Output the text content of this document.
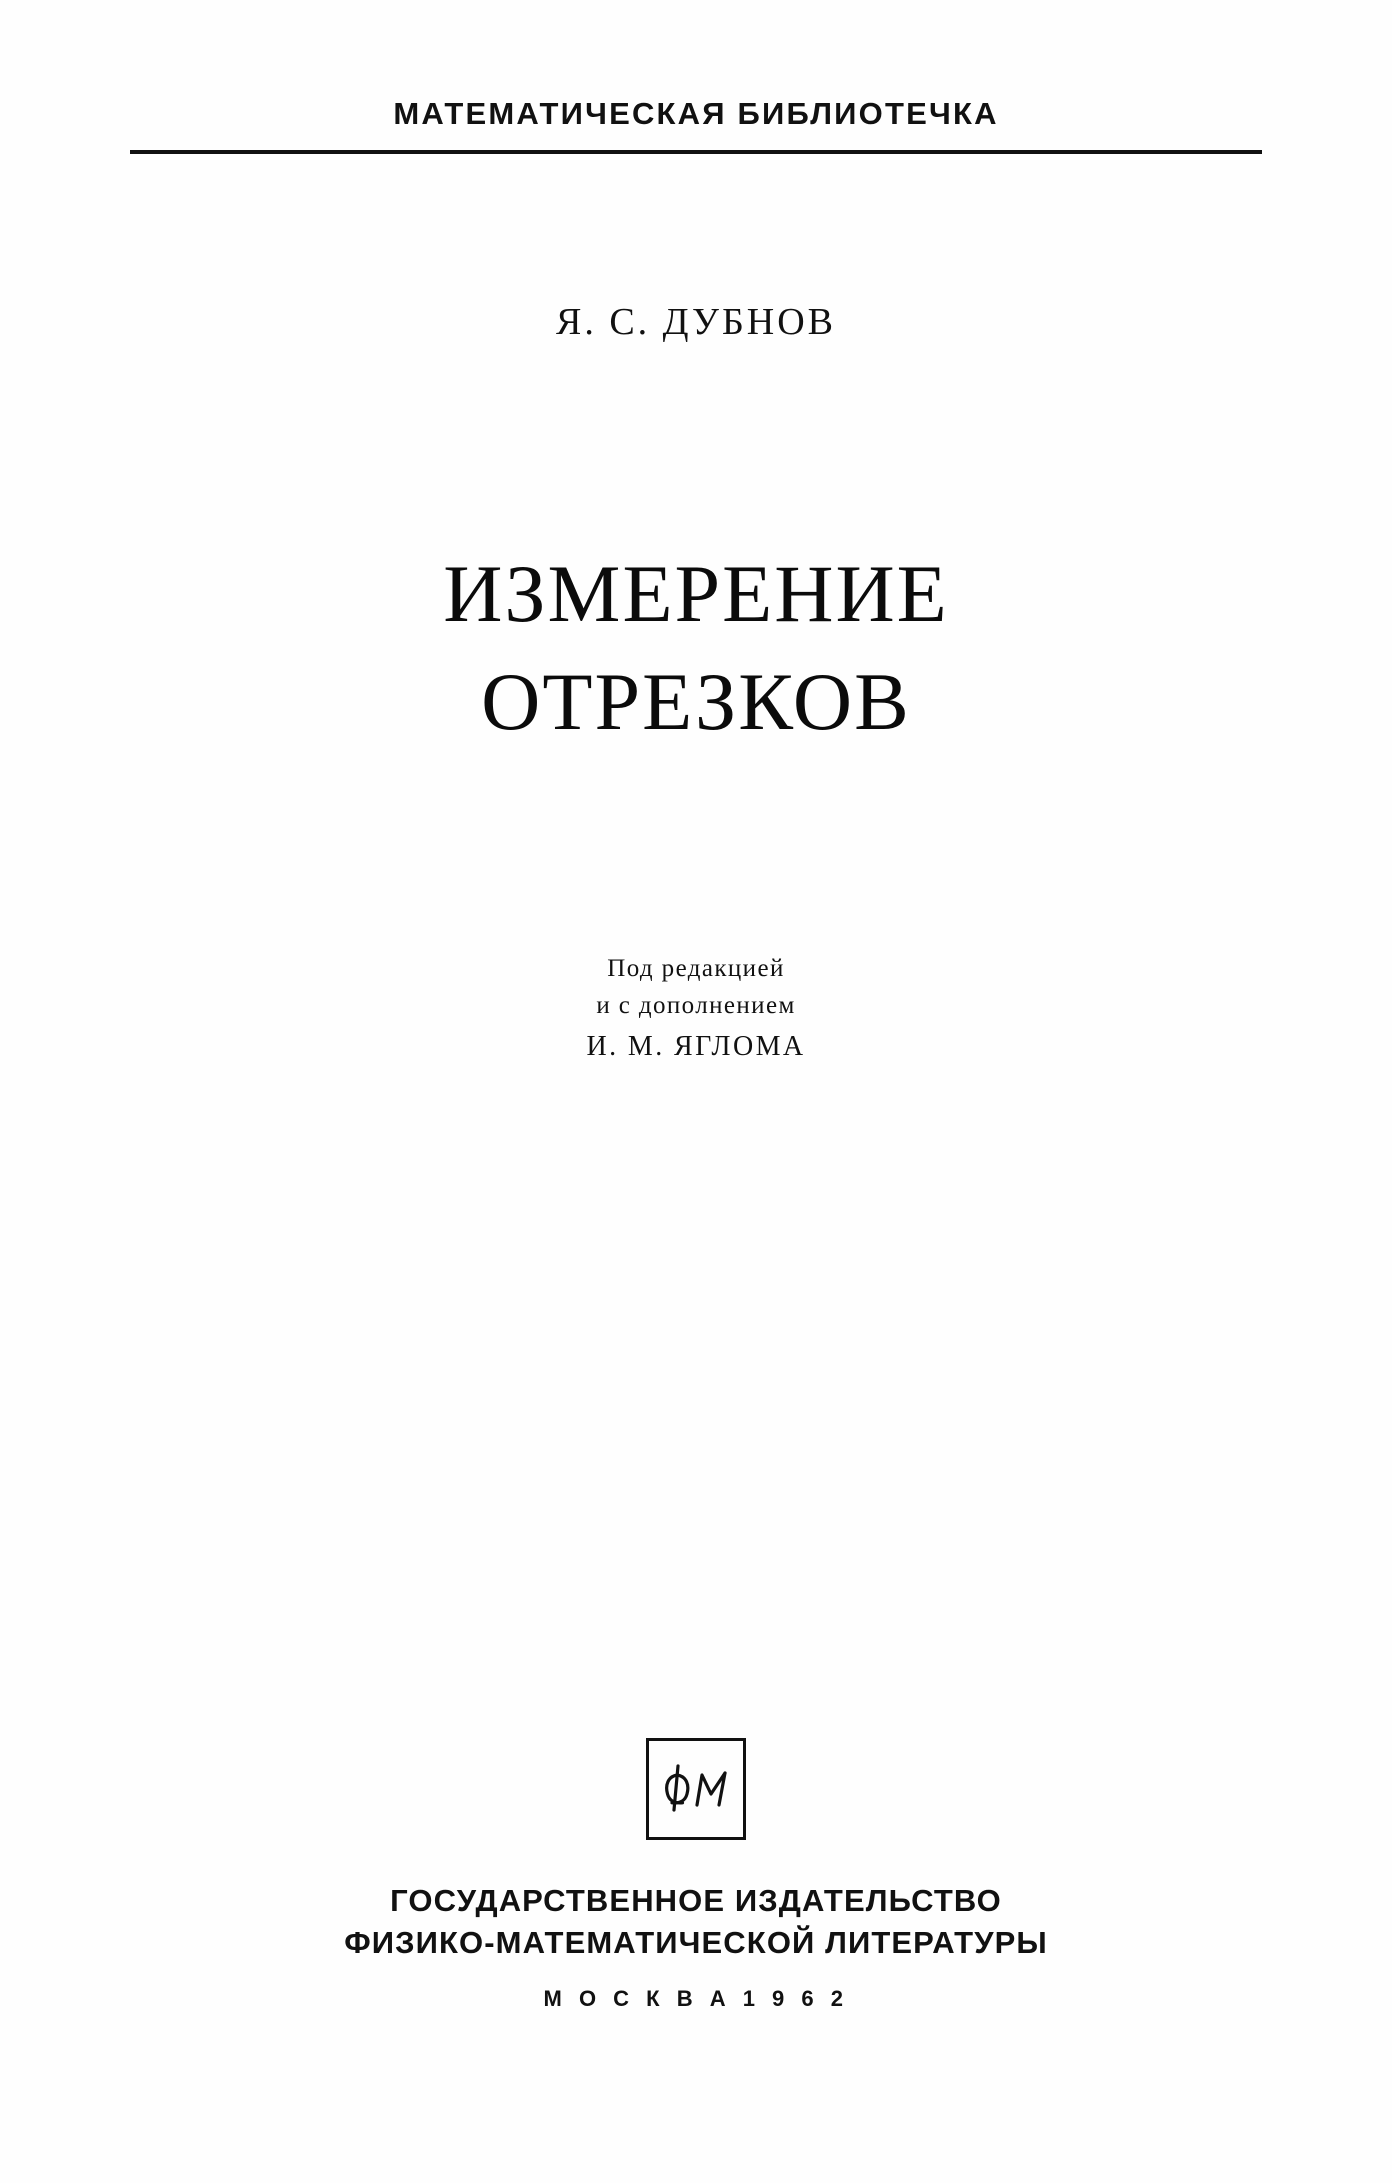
МАТЕМАТИЧЕСКАЯ БИБЛИОТЕЧКА
Я. С. ДУБНОВ
ИЗМЕРЕНИЕ
ОТРЕЗКОВ
Под редакцией
и с дополнением
И. М. ЯГЛОМА
ГОСУДАРСТВЕННОЕ ИЗДАТЕЛЬСТВО
ФИЗИКО-МАТЕМАТИЧЕСКОЙ ЛИТЕРАТУРЫ
М О С К В А 1 9 6 2
